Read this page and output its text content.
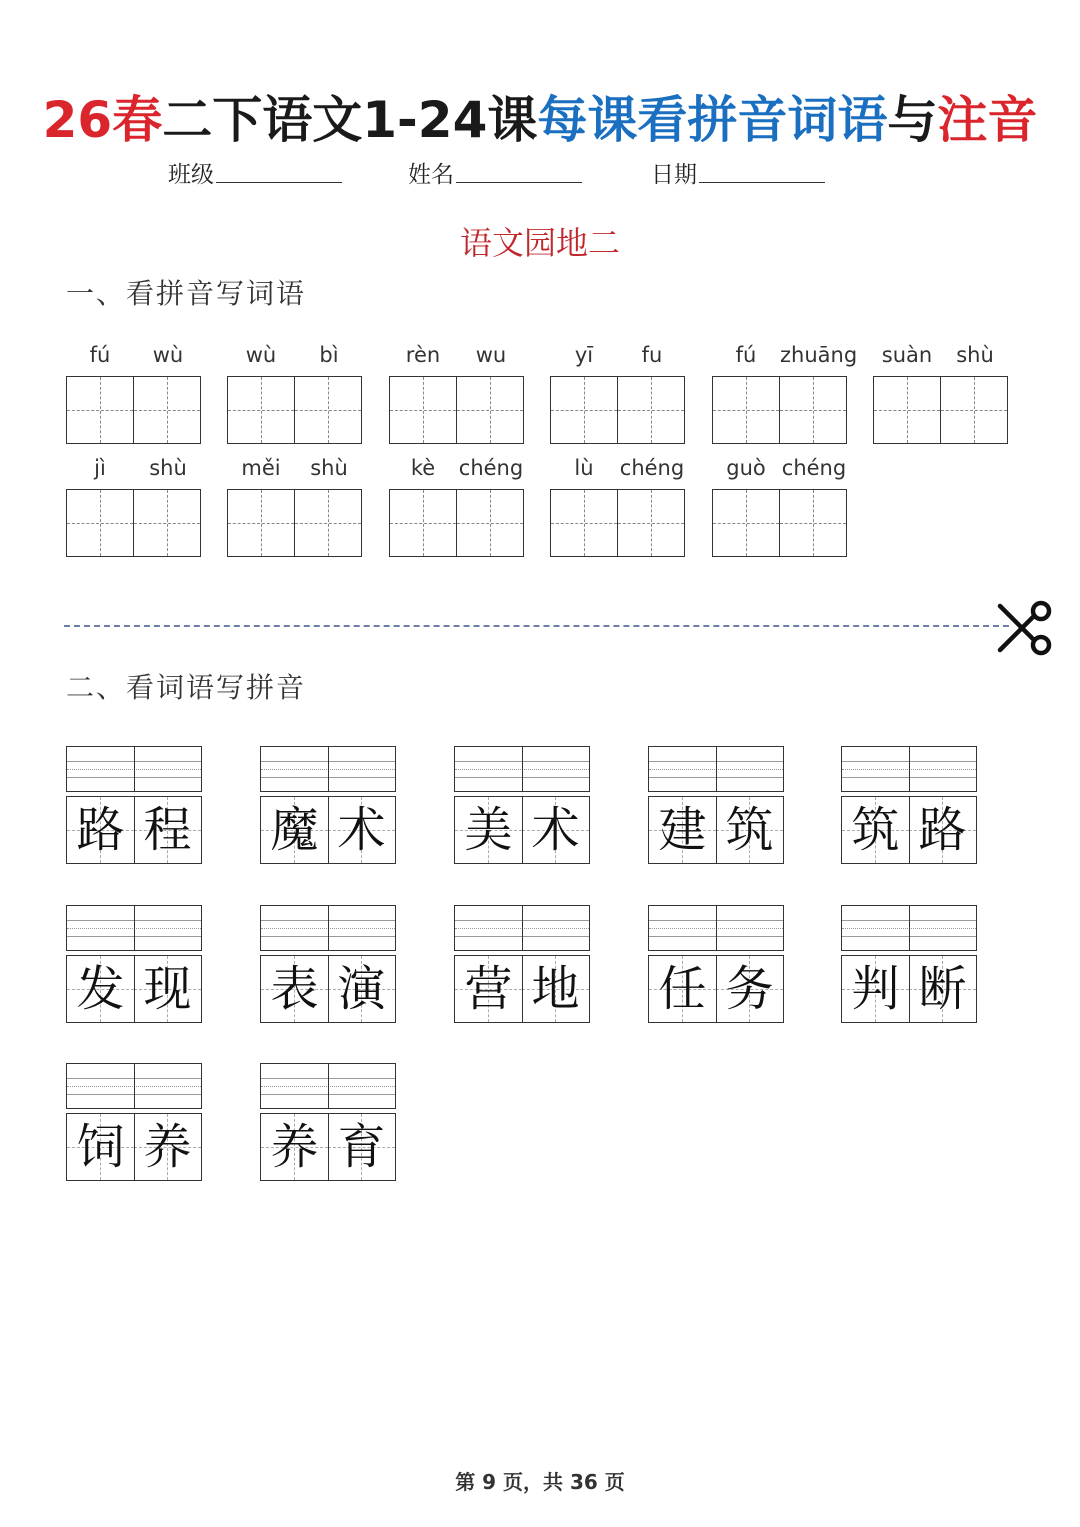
26春二下语文1-24课每课看拼音词语与注音
班级	姓名	日期
语文园地二
一、看拼音写词语
fú	wù	wù	bì	rèn	wu	yī	fu	fú	zhuāng	suàn	shù
jì	shù	měi	shù	kè	chéng	lù	chéng	guò chéng
二、看词语写拼音
路 程 魔 术 美 术 建 筑 筑 路
发 现 表 演 营 地 任 务 判 断
饲 养 养 育
第 9 页，共 36 页
